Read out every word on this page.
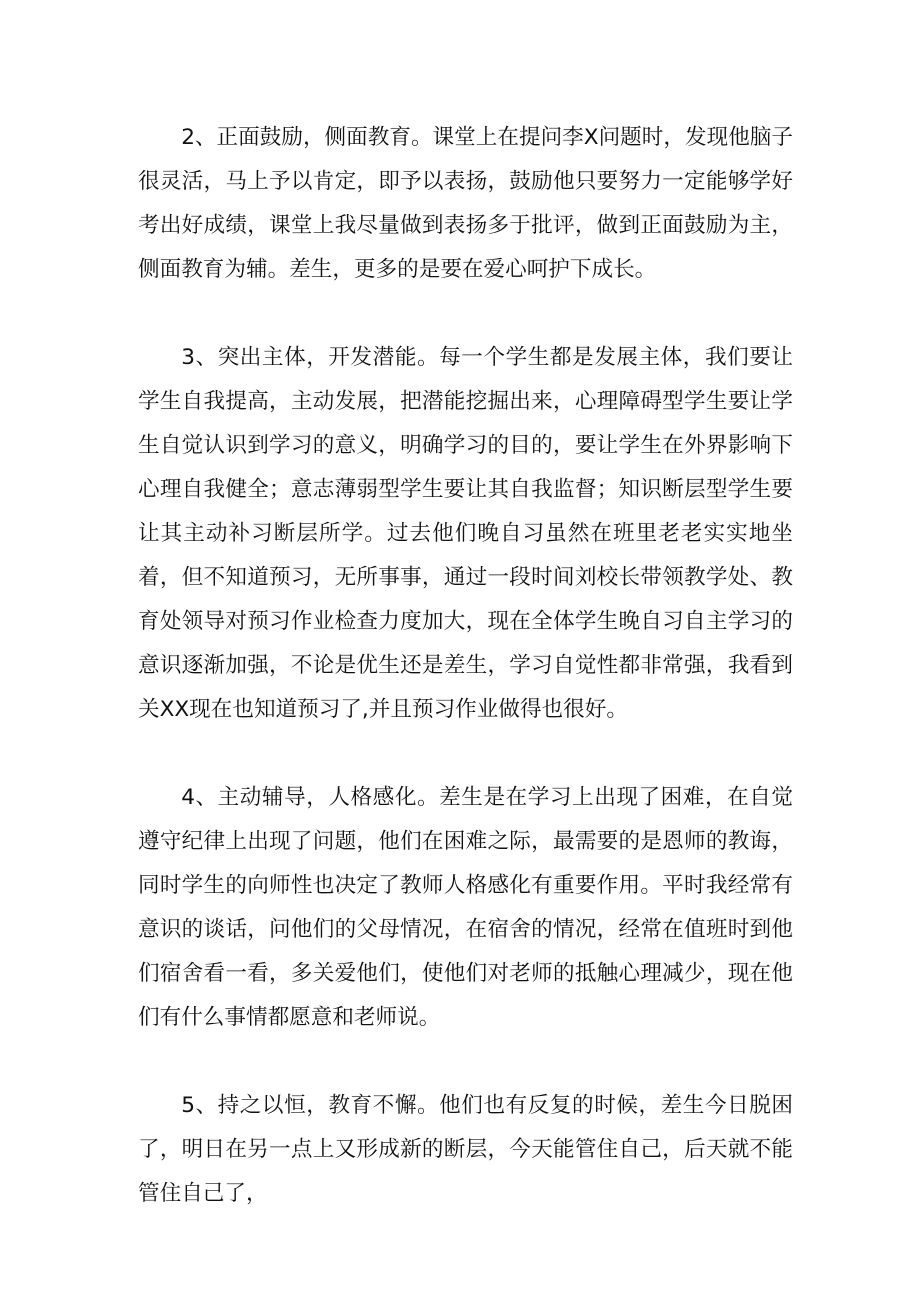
2、正面鼓励，侧面教育。课堂上在提问李X问题时，发现他脑子很灵活，马上予以肯定，即予以表扬，鼓励他只要努力一定能够学好考出好成绩，课堂上我尽量做到表扬多于批评，做到正面鼓励为主，侧面教育为辅。差生，更多的是要在爱心呵护下成长。

3、突出主体，开发潜能。每一个学生都是发展主体，我们要让学生自我提高，主动发展，把潜能挖掘出来，心理障碍型学生要让学生自觉认识到学习的意义，明确学习的目的，要让学生在外界影响下心理自我健全；意志薄弱型学生要让其自我监督；知识断层型学生要让其主动补习断层所学。过去他们晚自习虽然在班里老老实实地坐着，但不知道预习，无所事事，通过一段时间刘校长带领教学处、教育处领导对预习作业检查力度加大，现在全体学生晚自习自主学习的意识逐渐加强，不论是优生还是差生，学习自觉性都非常强，我看到关XX现在也知道预习了,并且预习作业做得也很好。

4、主动辅导，人格感化。差生是在学习上出现了困难，在自觉遵守纪律上出现了问题，他们在困难之际，最需要的是恩师的教诲，同时学生的向师性也决定了教师人格感化有重要作用。平时我经常有意识的谈话，问他们的父母情况，在宿舍的情况，经常在值班时到他们宿舍看一看，多关爱他们，使他们对老师的抵触心理减少，现在他们有什么事情都愿意和老师说。

5、持之以恒，教育不懈。他们也有反复的时候，差生今日脱困了，明日在另一点上又形成新的断层，今天能管住自己，后天就不能管住自己了，
